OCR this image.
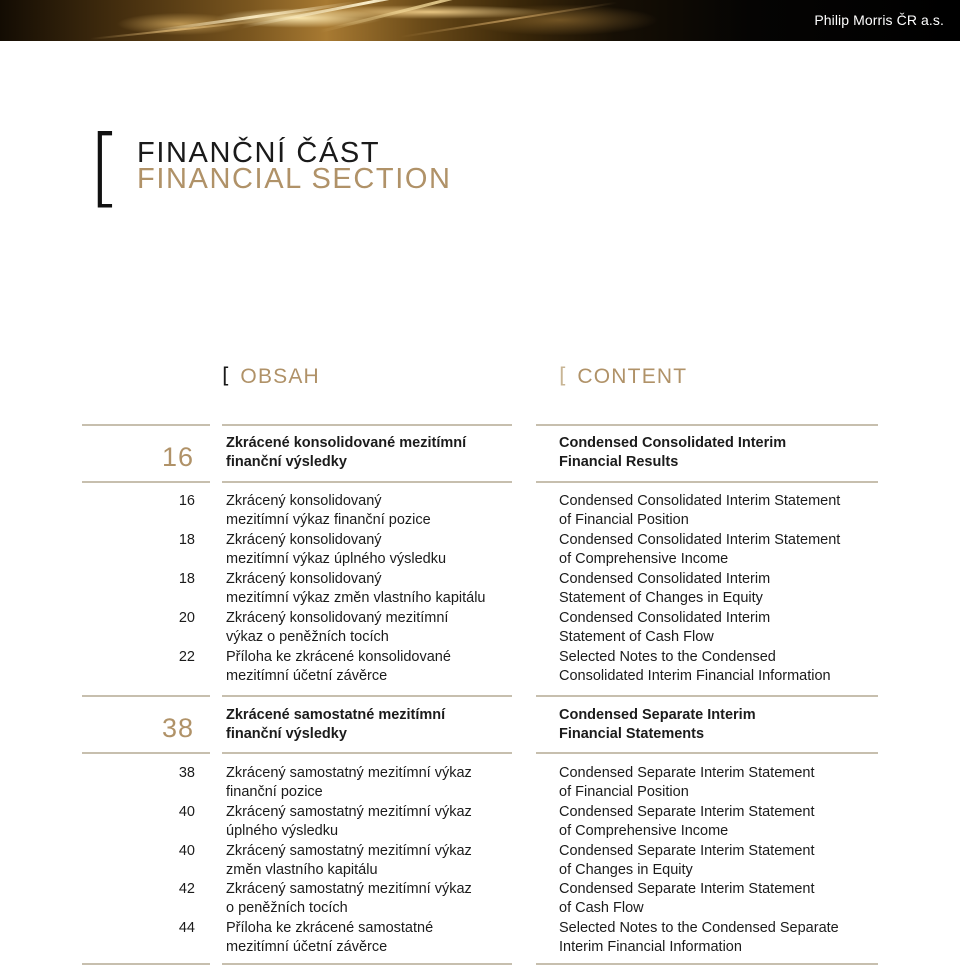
Philip Morris ČR a.s.
[ FINANČNÍ ČÁST
FINANCIAL SECTION
[ OBSAH	[ CONTENT
16 Zkrácené konsolidované mezitímní
finanční výsledky
Condensed Consolidated Interim
Financial Results
16 Zkrácený konsolidovaný
mezitímní výkaz finanční pozice
Condensed Consolidated Interim Statement
of Financial Position
18 Zkrácený konsolidovaný
mezitímní výkaz úplného výsledku
Condensed Consolidated Interim Statement
of Comprehensive Income
18 Zkrácený konsolidovaný
mezitímní výkaz změn vlastního kapitálu
Condensed Consolidated Interim
Statement of Changes in Equity
20 Zkrácený konsolidovaný mezitímní
výkaz o peněžních tocích
Condensed Consolidated Interim
Statement of Cash Flow
22 Příloha ke zkrácené konsolidované
mezitímní účetní závěrce
Selected Notes to the Condensed
Consolidated Interim Financial Information
38 Zkrácené samostatné mezitímní
finanční výsledky
Condensed Separate Interim
Financial Statements
38 Zkrácený samostatný mezitímní výkaz
finanční pozice
Condensed Separate Interim Statement
of Financial Position
40 Zkrácený samostatný mezitímní výkaz
úplného výsledku
Condensed Separate Interim Statement
of Comprehensive Income
40 Zkrácený samostatný mezitímní výkaz
změn vlastního kapitálu
Condensed Separate Interim Statement
of Changes in Equity
42 Zkrácený samostatný mezitímní výkaz
o peněžních tocích
Condensed Separate Interim Statement
of Cash Flow
44 Příloha ke zkrácené samostatné
mezitímní účetní závěrce
Selected Notes to the Condensed Separate
Interim Financial Information
